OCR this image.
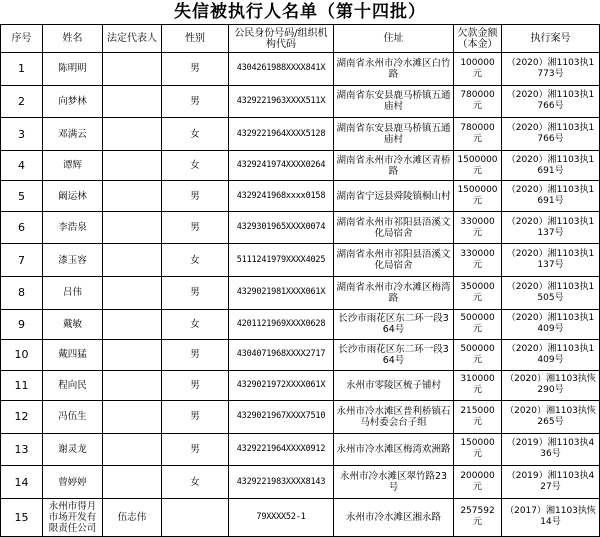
失信被执行人名单（第十四批）
序号	姓名	法定代表人	性别	公民身份号码/组织机构代码	住址	欠款金额（本金）	执行案号
1	陈明明		男	4304261988XXXX841X	湖南省永州市冷水滩区白竹路	100000元	（2020）湘1103执1773号
2	向梦林		男	4329221963XXXX511X	湖南省东安县鹿马桥镇五通庙村	780000元	（2020）湘1103执1766号
3	邓满云		女	4329221964XXXX5128	湖南省东安县鹿马桥镇五通庙村	780000元	（2020）湘1103执1766号
4	谭辉		女	4329241974XXXX0264	湖南省永州市冷水滩区青桥路	1500000元	（2020）湘1103执1691号
5	阚运林		男	4329241968xxxx0158	湖南省宁远县舜陵镇桐山村	1500000元	（2020）湘1103执1691号
6	李浩泉		男	4329301965XXXX0074	湖南省永州市祁阳县浯溪文化局宿舍	330000元	（2020）湘1103执1137号
7	漆玉容		女	5111241979XXXX4025	湖南省永州市祁阳县浯溪文化局宿舍	330000元	（2020）湘1103执1137号
8	吕伟		男	4329021981XXXX061X	湖南省永州市冷水滩区梅湾路	350000元	（2020）湘1103执1505号
9	戴敏		女	4201121969XXXX0628	长沙市雨花区东二环一段364号	500000元	（2020）湘1103执1409号
10	戴四猛		男	4304071968XXXX2717	长沙市雨花区东二环一段364号	500000元	（2020）湘1103执1409号
11	程向民		男	4329021972XXXX061X	永州市零陵区梳子铺村	310000元	（2020）湘1103执恢290号
12	冯伍生		男	4329021967XXXX7510	永州市冷水滩区普利桥镇石马村委会台子组	215000元	（2020）湘1103执恢265号
13	谢灵龙		男	4329221964XXXX0912	永州市冷水滩区梅湾欢洲路	150000元	（2019）湘1103执436号
14	曾婷婷		女	4329221983XXXX8143	永州市冷水滩区翠竹路23号	200000元	（2019）湘1103执427号
15	永州市得月市场开发有限责任公司	伍志伟		79XXXX52-1	永州市冷水滩区湘永路	257592元	（2017）湘1103执恢14号
